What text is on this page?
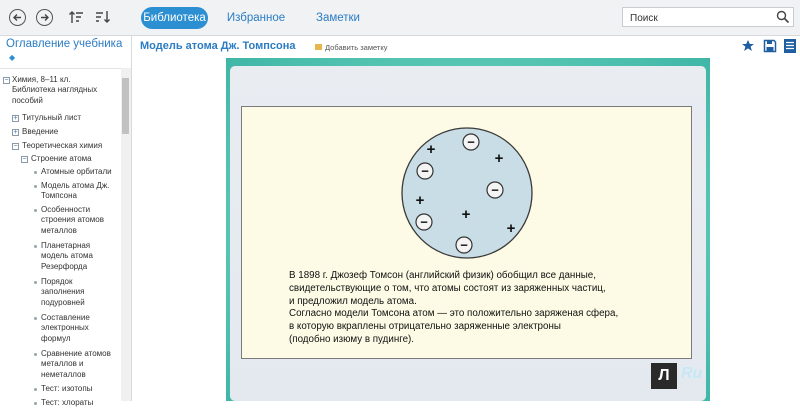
Библиотека	Избранное	Заметки
Поиск
Оглавление учебника
◆
− Химия, 8–11 кл.
Библиотека наглядных
пособий
+ Титульный лист
+ Введение
− Теоретическая химия
− Строение атома
Атомные орбитали
Модель атома Дж.
Томпсона
Особенности
строения атомов
металлов
Планетарная
модель атома
Резерфорда
Порядок
заполнения
подуровней
Составление
электронных
формул
Сравнение атомов
металлов и
неметаллов
Тест: изотопы
Тест: хлораты
Модель атома Дж. Томпсона	Добавить заметку
−
−
−
−
−
+
+
+
+
+
В 1898 г. Джозеф Томсон (английский физик) обобщил все данные,
свидетельствующие о том, что атомы состоят из заряженных частиц,
и предложил модель атома.
Согласно модели Томсона атом — это положительно заряженая сфера,
в которую вкраплены отрицательно заряженные электроны
(подобно изюму в пудинге).
Л Ru
